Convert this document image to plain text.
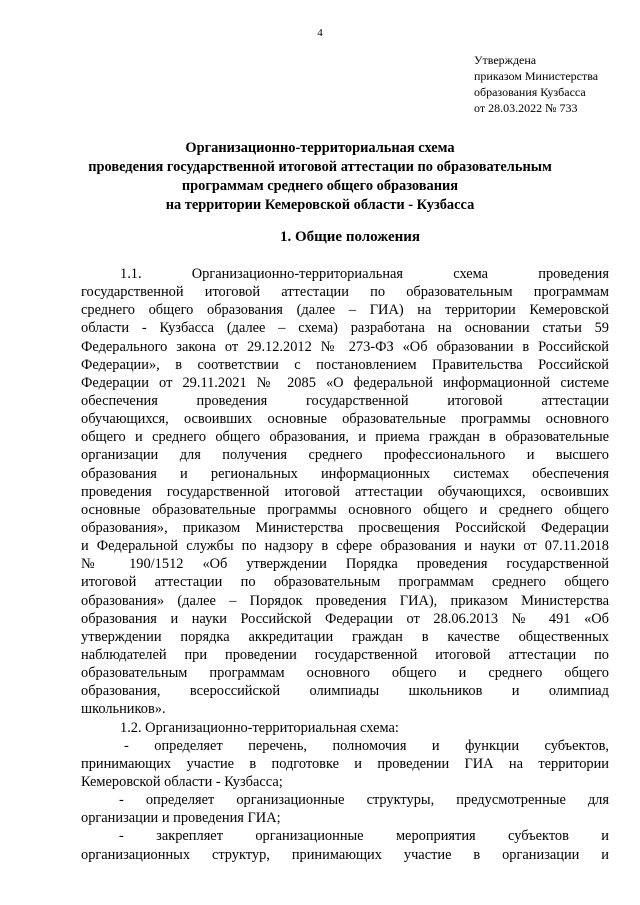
4
Утверждена
приказом Министерства
образования Кузбасса
от 28.03.2022 № 733
Организационно-территориальная схема
проведения государственной итоговой аттестации по образовательным
программам среднего общего образования
на территории Кемеровской области - Кузбасса
1. Общие положения
1.1. Организационно-территориальная схема проведения
государственной итоговой аттестации по образовательным программам
среднего общего образования (далее – ГИА) на территории Кемеровской
области - Кузбасса (далее – схема) разработана на основании статьи 59
Федерального закона от 29.12.2012 № 273-ФЗ «Об образовании в Российской
Федерации», в соответствии с постановлением Правительства Российской
Федерации от 29.11.2021 № 2085 «О федеральной информационной системе
обеспечения проведения государственной итоговой аттестации
обучающихся, освоивших основные образовательные программы основного
общего и среднего общего образования, и приема граждан в образовательные
организации для получения среднего профессионального и высшего
образования и региональных информационных системах обеспечения
проведения государственной итоговой аттестации обучающихся, освоивших
основные образовательные программы основного общего и среднего общего
образования», приказом Министерства просвещения Российской Федерации
и Федеральной службы по надзору в сфере образования и науки от 07.11.2018
№ 190/1512 «Об утверждении Порядка проведения государственной
итоговой аттестации по образовательным программам среднего общего
образования» (далее – Порядок проведения ГИА), приказом Министерства
образования и науки Российской Федерации от 28.06.2013 № 491 «Об
утверждении порядка аккредитации граждан в качестве общественных
наблюдателей при проведении государственной итоговой аттестации по
образовательным программам основного общего и среднего общего
образования, всероссийской олимпиады школьников и олимпиад
школьников».
1.2. Организационно-территориальная схема:
- определяет перечень, полномочия и функции субъектов,
принимающих участие в подготовке и проведении ГИА на территории
Кемеровской области - Кузбасса;
- определяет организационные структуры, предусмотренные для
организации и проведения ГИА;
- закрепляет организационные мероприятия субъектов и
организационных структур, принимающих участие в организации и
